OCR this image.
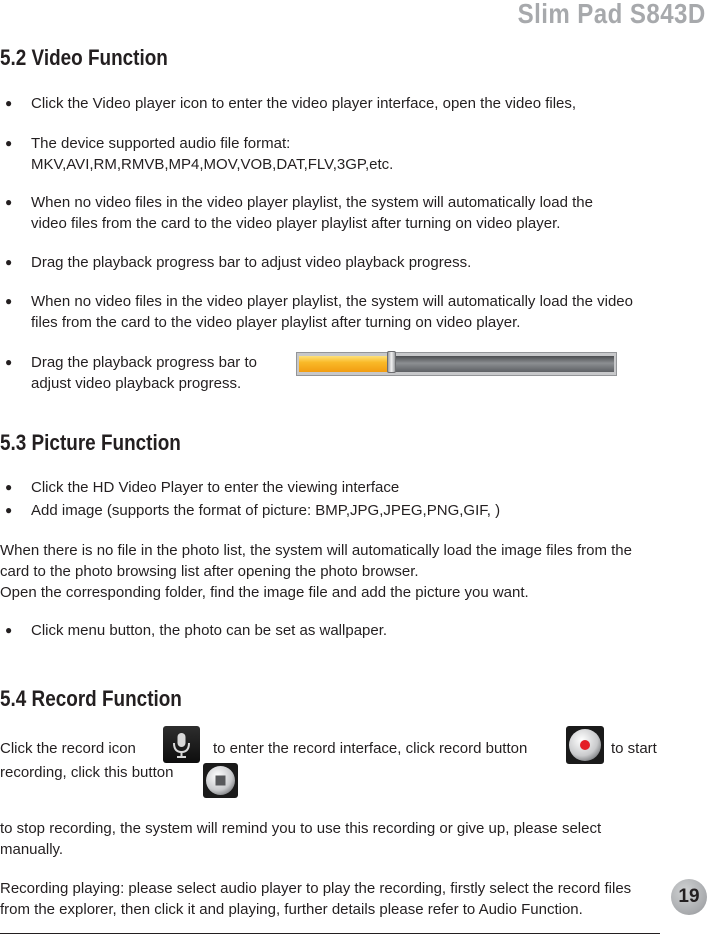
Slim Pad S843D
5.2 Video Function
● Click the Video player icon to enter the video player interface, open the video files,
● The device supported audio file format:
MKV,AVI,RM,RMVB,MP4,MOV,VOB,DAT,FLV,3GP,etc.
● When no video files in the video player playlist, the system will automatically load the
video files from the card to the video player playlist after turning on video player.
● Drag the playback progress bar to adjust video playback progress.
● When no video files in the video player playlist, the system will automatically load the video
files from the card to the video player playlist after turning on video player.
● Drag the playback progress bar to
adjust video playback progress.
5.3 Picture Function
● Click the HD Video Player to enter the viewing interface
● Add image (supports the format of picture: BMP,JPG,JPEG,PNG,GIF, )
When there is no file in the photo list, the system will automatically load the image files from the
card to the photo browsing list after opening the photo browser.
Open the corresponding folder, find the image file and add the picture you want.
● Click menu button, the photo can be set as wallpaper.
5.4 Record Function
Click the record icon	to enter the record interface, click record button	to start
recording, click this button
to stop recording, the system will remind you to use this recording or give up, please select
manually.
Recording playing: please select audio player to play the recording, firstly select the record files
from the explorer, then click it and playing, further details please refer to Audio Function.
19
